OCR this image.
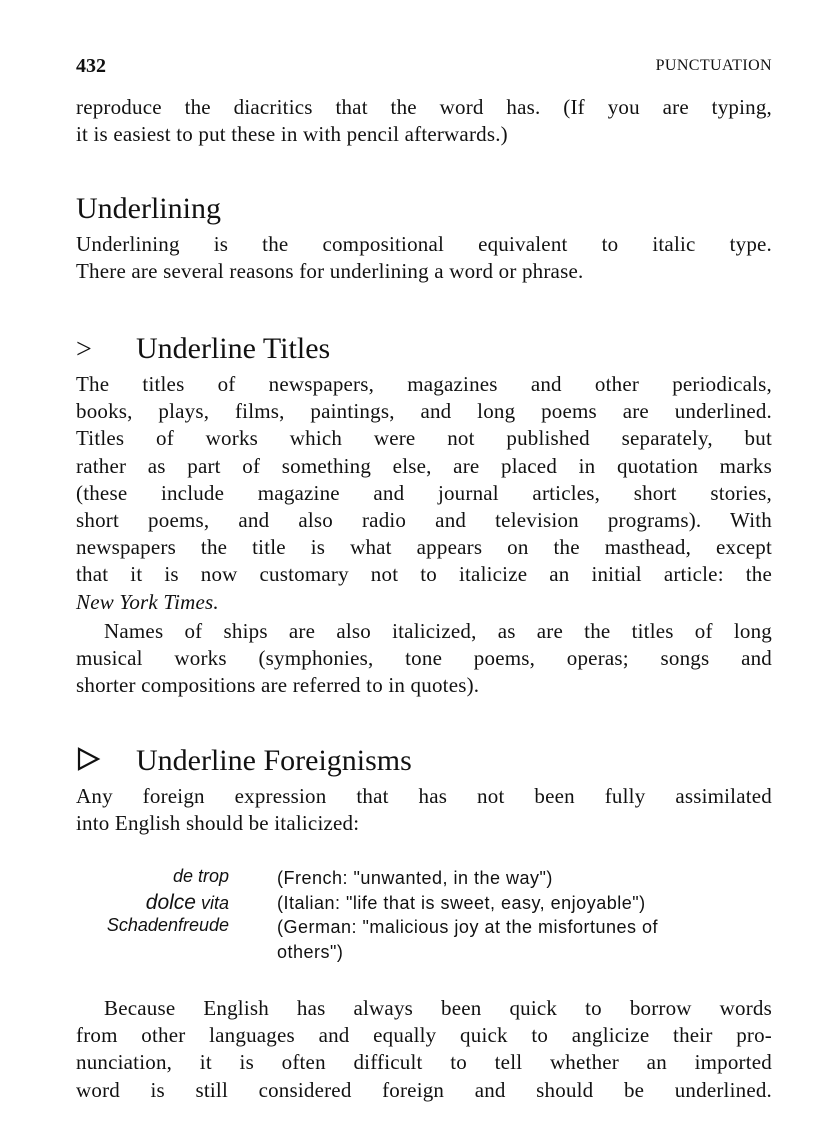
432	PUNCTUATION

reproduce the diacritics that the word has. (If you are typing,
it is easiest to put these in with pencil afterwards.)

Underlining

Underlining is the compositional equivalent to italic type.
There are several reasons for underlining a word or phrase.

> Underline Titles

The titles of newspapers, magazines and other periodicals,
books, plays, films, paintings, and long poems are underlined.
Titles of works which were not published separately, but
rather as part of something else, are placed in quotation marks
(these include magazine and journal articles, short stories,
short poems, and also radio and television programs). With
newspapers the title is what appears on the masthead, except
that it is now customary not to italicize an initial article: the
New York Times.

Names of ships are also italicized, as are the titles of long
musical works (symphonies, tone poems, operas; songs and
shorter compositions are referred to in quotes).

Underline Foreignisms

Any foreign expression that has not been fully assimilated
into English should be italicized:

de trop	(French: "unwanted, in the way")
dolce vita	(Italian: "life that is sweet, easy, enjoyable")
Schadenfreude	(German: "malicious joy at the misfortunes of
others")

Because English has always been quick to borrow words
from other languages and equally quick to anglicize their pro-
nunciation, it is often difficult to tell whether an imported
word is still considered foreign and should be underlined.
